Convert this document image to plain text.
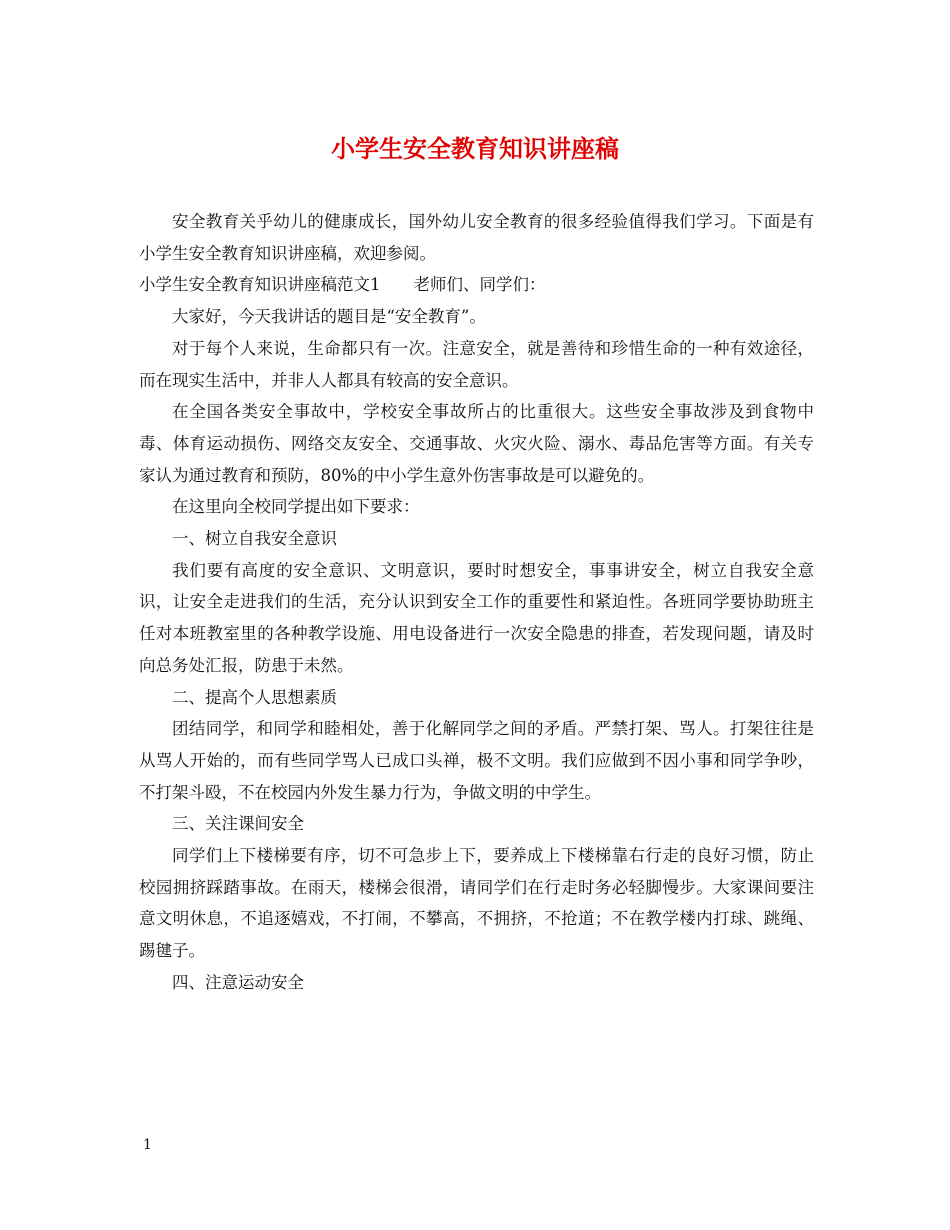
小学生安全教育知识讲座稿

安全教育关乎幼儿的健康成长，国外幼儿安全教育的很多经验值得我们学习。下面是有小学生安全教育知识讲座稿，欢迎参阅。

小学生安全教育知识讲座稿范文1　　老师们、同学们：

大家好，今天我讲话的题目是“安全教育”。

对于每个人来说，生命都只有一次。注意安全，就是善待和珍惜生命的一种有效途径，而在现实生活中，并非人人都具有较高的安全意识。

在全国各类安全事故中，学校安全事故所占的比重很大。这些安全事故涉及到食物中毒、体育运动损伤、网络交友安全、交通事故、火灾火险、溺水、毒品危害等方面。有关专家认为通过教育和预防，80%的中小学生意外伤害事故是可以避免的。

在这里向全校同学提出如下要求：

一、树立自我安全意识

我们要有高度的安全意识、文明意识，要时时想安全，事事讲安全，树立自我安全意识，让安全走进我们的生活，充分认识到安全工作的重要性和紧迫性。各班同学要协助班主任对本班教室里的各种教学设施、用电设备进行一次安全隐患的排查，若发现问题，请及时向总务处汇报，防患于未然。

二、提高个人思想素质

团结同学，和同学和睦相处，善于化解同学之间的矛盾。严禁打架、骂人。打架往往是从骂人开始的，而有些同学骂人已成口头禅，极不文明。我们应做到不因小事和同学争吵，不打架斗殴，不在校园内外发生暴力行为，争做文明的中学生。

三、关注课间安全

同学们上下楼梯要有序，切不可急步上下，要养成上下楼梯靠右行走的良好习惯，防止校园拥挤踩踏事故。在雨天，楼梯会很滑，请同学们在行走时务必轻脚慢步。大家课间要注意文明休息，不追逐嬉戏，不打闹，不攀高，不拥挤，不抢道；不在教学楼内打球、跳绳、踢毽子。

四、注意运动安全

1
